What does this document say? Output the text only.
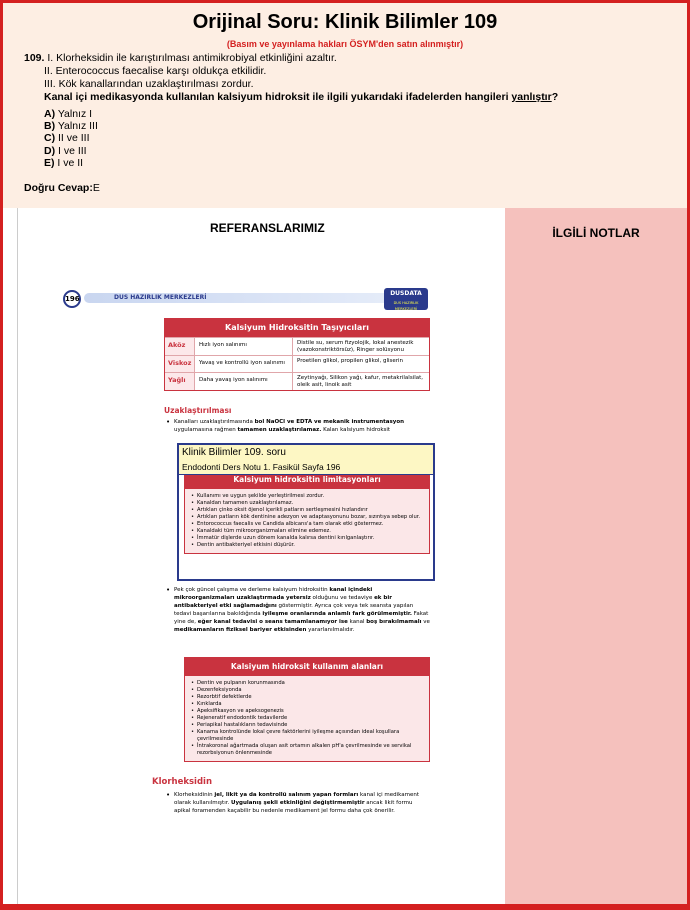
Orijinal Soru: Klinik Bilimler 109
(Basım ve yayınlama hakları ÖSYM'den satın alınmıştır)
109. I. Klorheksidin ile karıştırılması antimikrobiyal etkinliğini azaltır.
II. Enterococcus faecalise karşı oldukça etkilidir.
III. Kök kanallarından uzaklaştırılması zordur.
Kanal içi medikasyonda kullanılan kalsiyum hidroksit ile ilgili yukarıdaki ifadelerden hangileri yanlıştır?
A) Yalnız I
B) Yalnız III
C) II ve III
D) I ve III
E) I ve II
Doğru Cevap:E
REFERANSLARIMIZ	İLGİLİ NOTLAR
196	DUS HAZIRLIK MERKEZLERİ
DUSDATA
DUS HAZIRLIK MERKEZLERİ
Kalsiyum Hidroksitin Taşıyıcıları
Aköz	Hızlı iyon salınımı	Distile su, serum fizyolojik, lokal anestezik (vazokonstriktörsüz), Ringer solüsyonu
Viskoz	Yavaş ve kontrollü iyon salınımı	Proetilen glikol, propilen glikol, gliserin
Yağlı	Daha yavaş iyon salınımı	Zeytinyağı, Silikon yağı, kafur, metakrilalsilat, oleik asit, linoik asit
Uzaklaştırılması
• Kanalları uzaklaştırılmasında bol NaOCl ve EDTA ve mekanik instrumentasyon uygulamasına rağmen tamamen uzaklaştırılamaz. Kalan kalsiyum hidroksit
Kalsiyum hidroksitin limitasyonları
• Kullanımı ve uygun şekilde yerleştirilmesi zordur.
• Kanaldan tamamen uzaklaştırılamaz.
• Artıkları çinko oksit öjenol içerikli patların sertleşmesini hızlandırır
• Artıkları patların kök dentinine adezyon ve adaptasyonunu bozar, sızıntıya sebep olur.
• Entorococcus faecalis ve Candida albicans'a tam olarak etki göstermez.
• Kanaldaki tüm mikroorganizmaları elimine edemez.
• İmmatür dişlerde uzun dönem kanalda kalırsa dentini kırılganlaştırır.
• Dentin antibakteriyel etkisini düşürür.
Klinik Bilimler 109. soru
Endodonti Ders Notu 1. Fasikül Sayfa 196
• Pek çok güncel çalışma ve derleme kalsiyum hidroksitin kanal içindeki mikroorganizmaları uzaklaştırmada yetersiz olduğunu ve tedaviye ek bir antibakteriyel etki sağlamadığını göstermiştir. Ayrıca çok veya tek seansta yapılan tedavi başarılarına bakıldığında iyileşme oranlarında anlamlı fark görülmemiştir. Fakat yine de, eğer kanal tedavisi o seans tamamlanamıyor ise kanal boş bırakılmamalı ve medikamanların fiziksel bariyer etkisinden yararlanılmalıdır.
Kalsiyum hidroksit kullanım alanları
• Dentin ve pulpanın korunmasında
• Dezenfeksiyonda
• Rezorbtif defektlerde
• Kırıklarda
• Apeksifikasyon ve apeksogenezis
• Rejeneratif endodontik tedavilerde
• Periapikal hastalıkların tedavisinde
• Kanama kontrolünde lokal çevre faktörlerini iyileşme açısından ideal koşullara çevrilmesinde
• İntrakoronal ağartmada oluşan asit ortamın alkalen pH'a çevrilmesinde ve servikal rezorbsiyonun önlenmesinde
Klorheksidin
• Klorheksidinin jel, likit ya da kontrollü salınım yapan formları kanal içi medikament olarak kullanılmıştır. Uygulanış şekli etkinliğini değiştirmemiştir ancak likit formu apikal foramenden kaçabilir bu nedenle medikament jel formu daha çok önerilir.
